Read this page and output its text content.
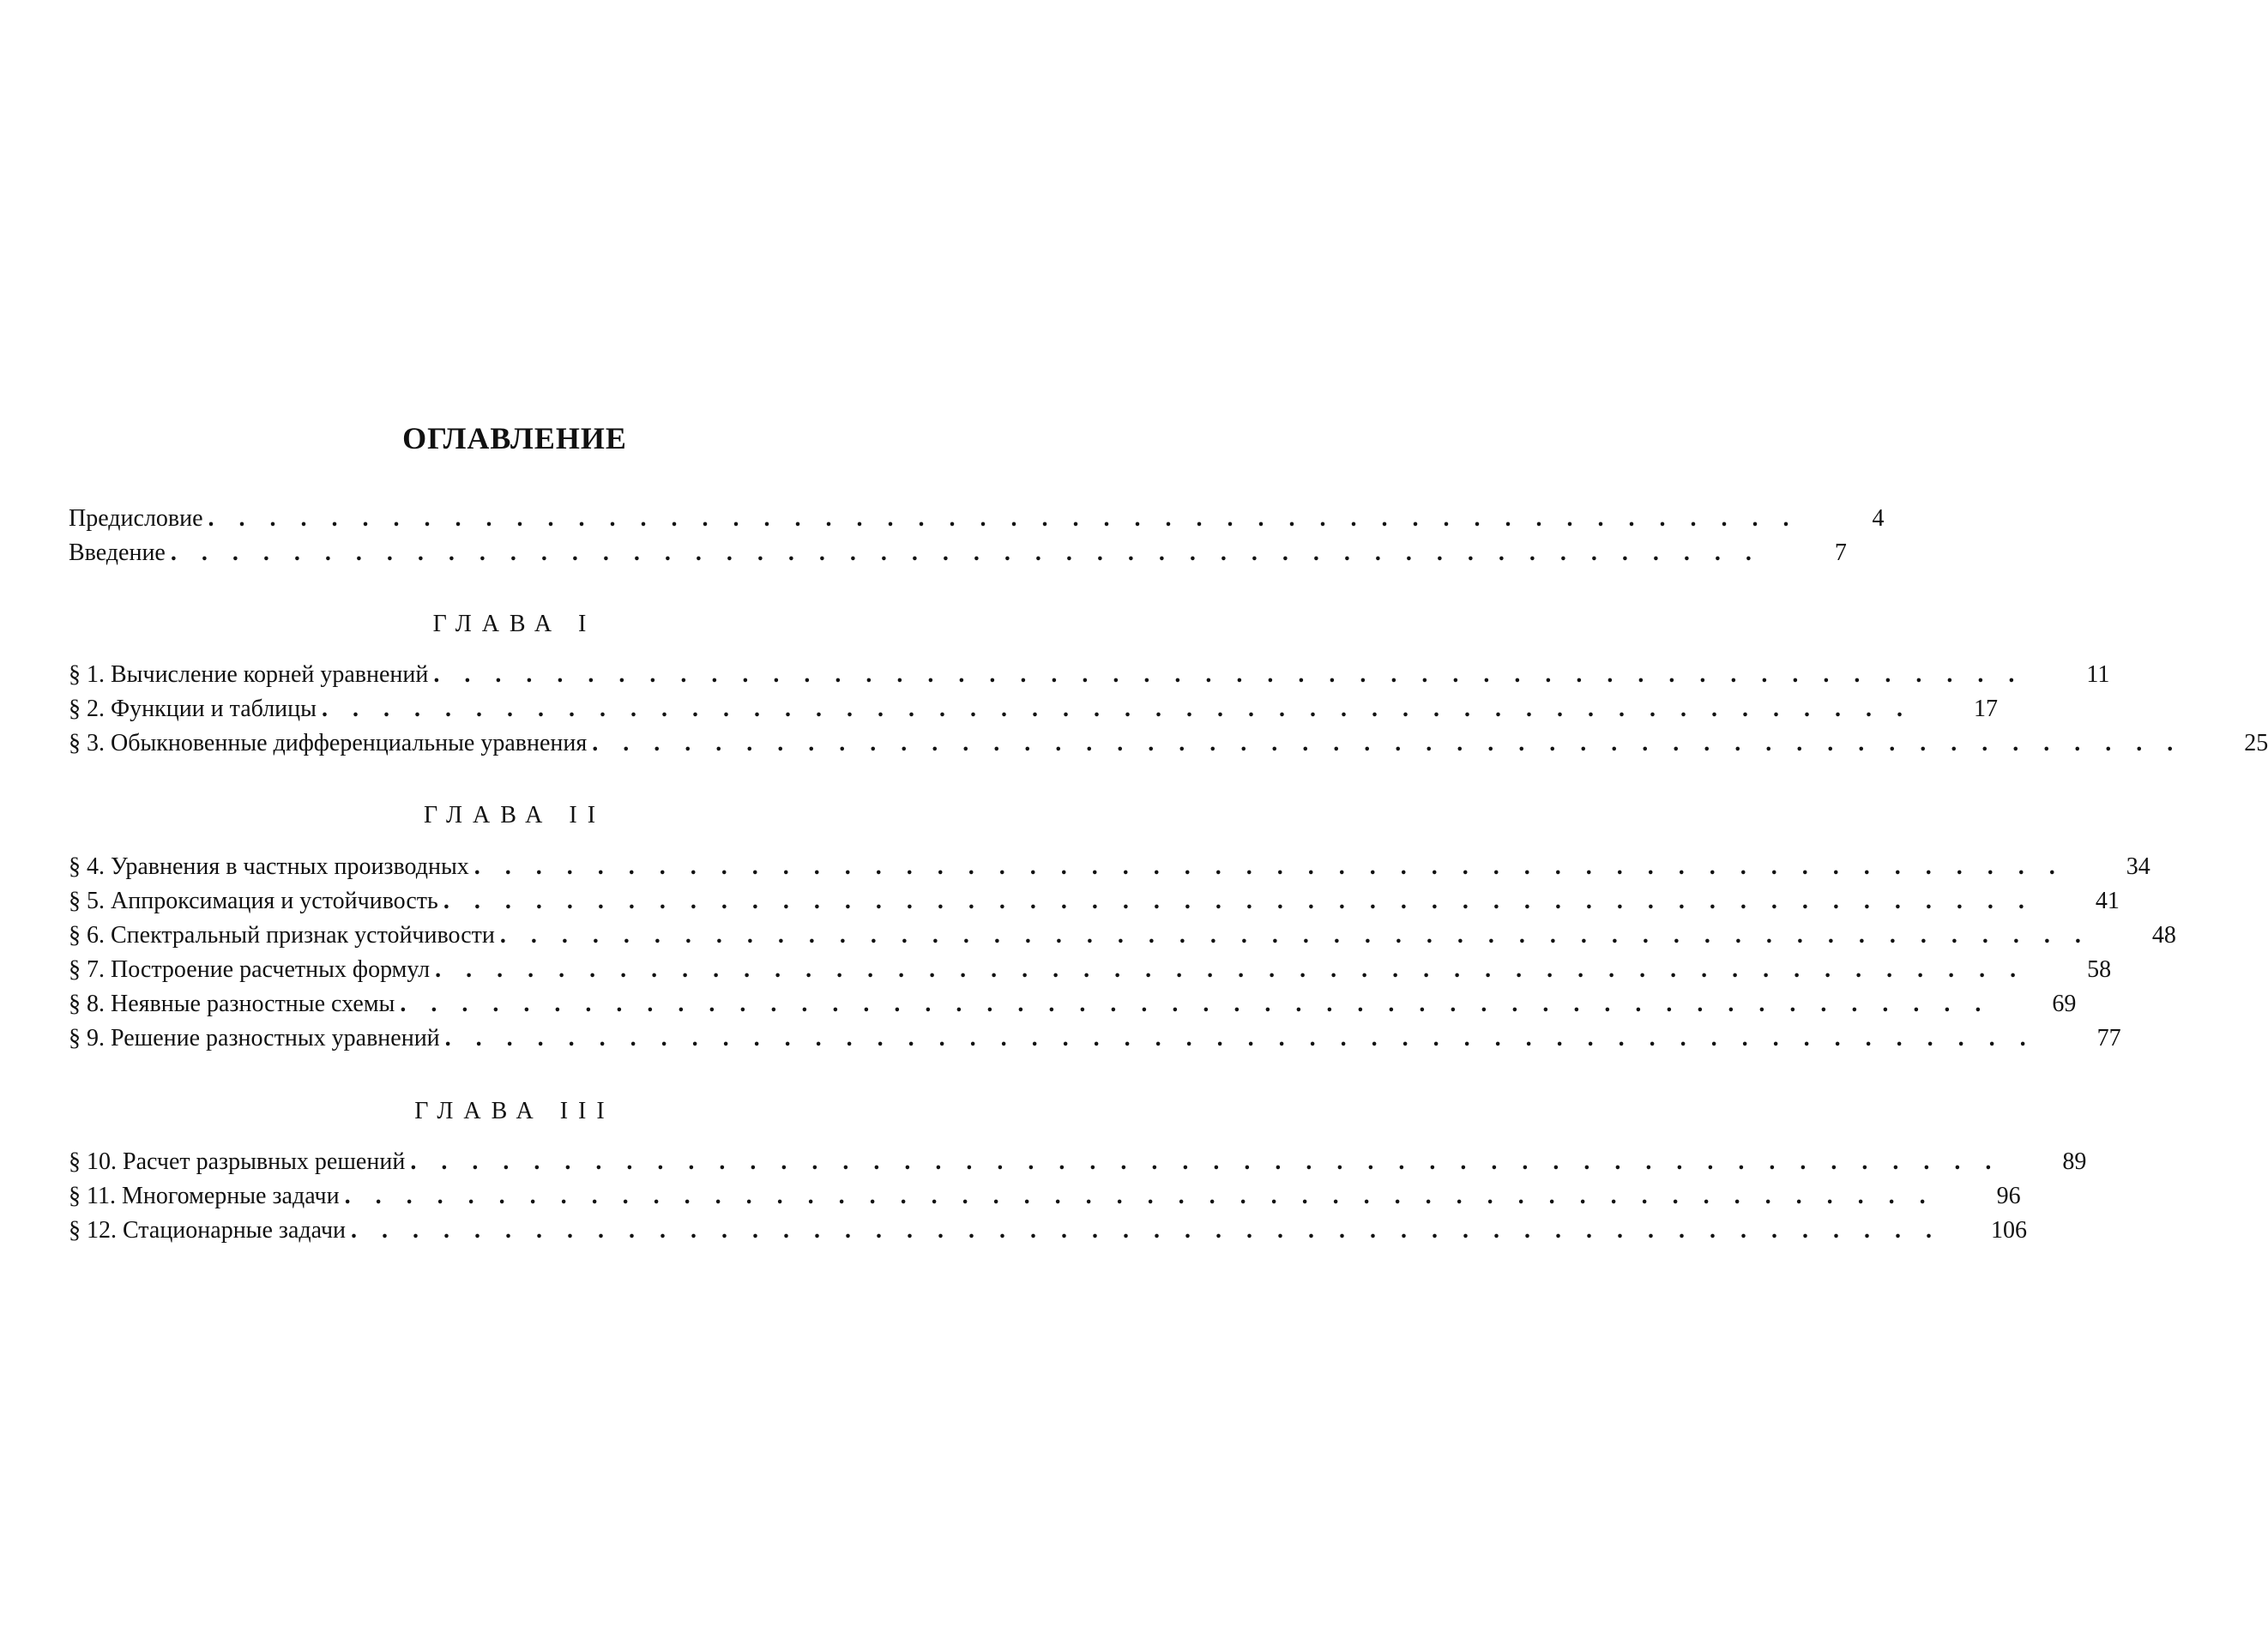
ОГЛАВЛЕНИЕ
Предисловие . . . . . . . . . . . . . . . . . . . . . . . . . . . . . . . . . . . . . . . . . . . . . . . . . . . .	4
Введение . . . . . . . . . . . . . . . . . . . . . . . . . . . . . . . . . . . . . . . . . . . . . . . . . . . .	7
ГЛАВА I
§ 1. Вычисление корней уравнений . . . . . . . . . . . . . . . . . . . . . . . . . . . . . . . . . . . . . . . . . . . . . . . . . . . .	11
§ 2. Функции и таблицы . . . . . . . . . . . . . . . . . . . . . . . . . . . . . . . . . . . . . . . . . . . . . . . . . . . .	17
§ 3. Обыкновенные дифференциальные уравнения . . . . . . . . . . . . . . . . . . . . . . . . . . . . . . . . . . . . . . . . . . . . . . . . . . . .	25
ГЛАВА II
§ 4. Уравнения в частных производных . . . . . . . . . . . . . . . . . . . . . . . . . . . . . . . . . . . . . . . . . . . . . . . . . . . .	34
§ 5. Аппроксимация и устойчивость . . . . . . . . . . . . . . . . . . . . . . . . . . . . . . . . . . . . . . . . . . . . . . . . . . . .	41
§ 6. Спектральный признак устойчивости . . . . . . . . . . . . . . . . . . . . . . . . . . . . . . . . . . . . . . . . . . . . . . . . . . . .	48
§ 7. Построение расчетных формул . . . . . . . . . . . . . . . . . . . . . . . . . . . . . . . . . . . . . . . . . . . . . . . . . . . .	58
§ 8. Неявные разностные схемы . . . . . . . . . . . . . . . . . . . . . . . . . . . . . . . . . . . . . . . . . . . . . . . . . . . .	69
§ 9. Решение разностных уравнений . . . . . . . . . . . . . . . . . . . . . . . . . . . . . . . . . . . . . . . . . . . . . . . . . . . .	77
ГЛАВА III
§ 10. Расчет разрывных решений . . . . . . . . . . . . . . . . . . . . . . . . . . . . . . . . . . . . . . . . . . . . . . . . . . . .	89
§ 11. Многомерные задачи . . . . . . . . . . . . . . . . . . . . . . . . . . . . . . . . . . . . . . . . . . . . . . . . . . . .	96
§ 12. Стационарные задачи . . . . . . . . . . . . . . . . . . . . . . . . . . . . . . . . . . . . . . . . . . . . . . . . . . . .	106
